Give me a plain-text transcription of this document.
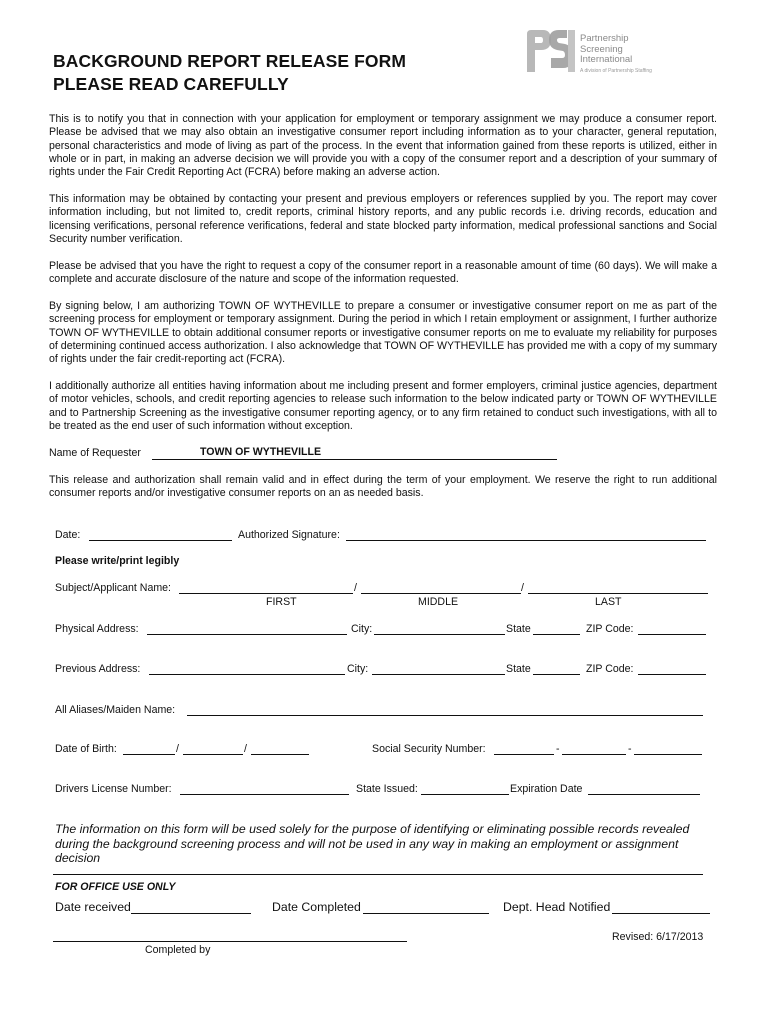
Partnership
Screening
International
A division of Partnership Staffing
BACKGROUND REPORT RELEASE FORM
PLEASE READ CAREFULLY
This is to notify you that in connection with your application for employment or temporary assignment we may produce a consumer report. Please be advised that we may also obtain an investigative consumer report including information as to your character, general reputation, personal characteristics and mode of living as part of the process. In the event that information gained from these reports is utilized, either in whole or in part, in making an adverse decision we will provide you with a copy of the consumer report and a description of your summary of rights under the Fair Credit Reporting Act (FCRA) before making an adverse action.
This information may be obtained by contacting your present and previous employers or references supplied by you. The report may cover information including, but not limited to, credit reports, criminal history reports, and any public records i.e. driving records, education and licensing verifications, personal reference verifications, federal and state blocked party information, medical professional sanctions and Social Security number verification.
Please be advised that you have the right to request a copy of the consumer report in a reasonable amount of time (60 days). We will make a complete and accurate disclosure of the nature and scope of the information requested.
By signing below, I am authorizing TOWN OF WYTHEVILLE to prepare a consumer or investigative consumer report on me as part of the screening process for employment or temporary assignment. During the period in which I retain employment or assignment, I further authorize TOWN OF WYTHEVILLE to obtain additional consumer reports or investigative consumer reports on me to evaluate my reliability for purposes of determining continued access authorization. I also acknowledge that TOWN OF WYTHEVILLE has provided me with a copy of my summary of rights under the fair credit-reporting act (FCRA).
I additionally authorize all entities having information about me including present and former employers, criminal justice agencies, department of motor vehicles, schools, and credit reporting agencies to release such information to the below indicated party or TOWN OF WYTHEVILLE and to Partnership Screening as the investigative consumer reporting agency, or to any firm retained to conduct such investigations, with all to be treated as the end user of such information without exception.
Name of Requester	TOWN OF WYTHEVILLE
This release and authorization shall remain valid and in effect during the term of your employment. We reserve the right to run additional consumer reports and/or investigative consumer reports on an as needed basis.
Date:	Authorized Signature:
Please write/print legibly
Subject/Applicant Name:	/	/
FIRST	MIDDLE	LAST
Physical Address:	City:	State	ZIP Code:
Previous Address:	City:	State	ZIP Code:
All Aliases/Maiden Name:
Date of Birth:	/	/	Social Security Number:	-	-
Drivers License Number:	State Issued:	Expiration Date
The information on this form will be used solely for the purpose of identifying or eliminating possible records revealed during the background screening process and will not be used in any way in making an employment or assignment decision
FOR OFFICE USE ONLY
Date received	Date Completed	Dept. Head Notified
Completed by
Revised: 6/17/2013
